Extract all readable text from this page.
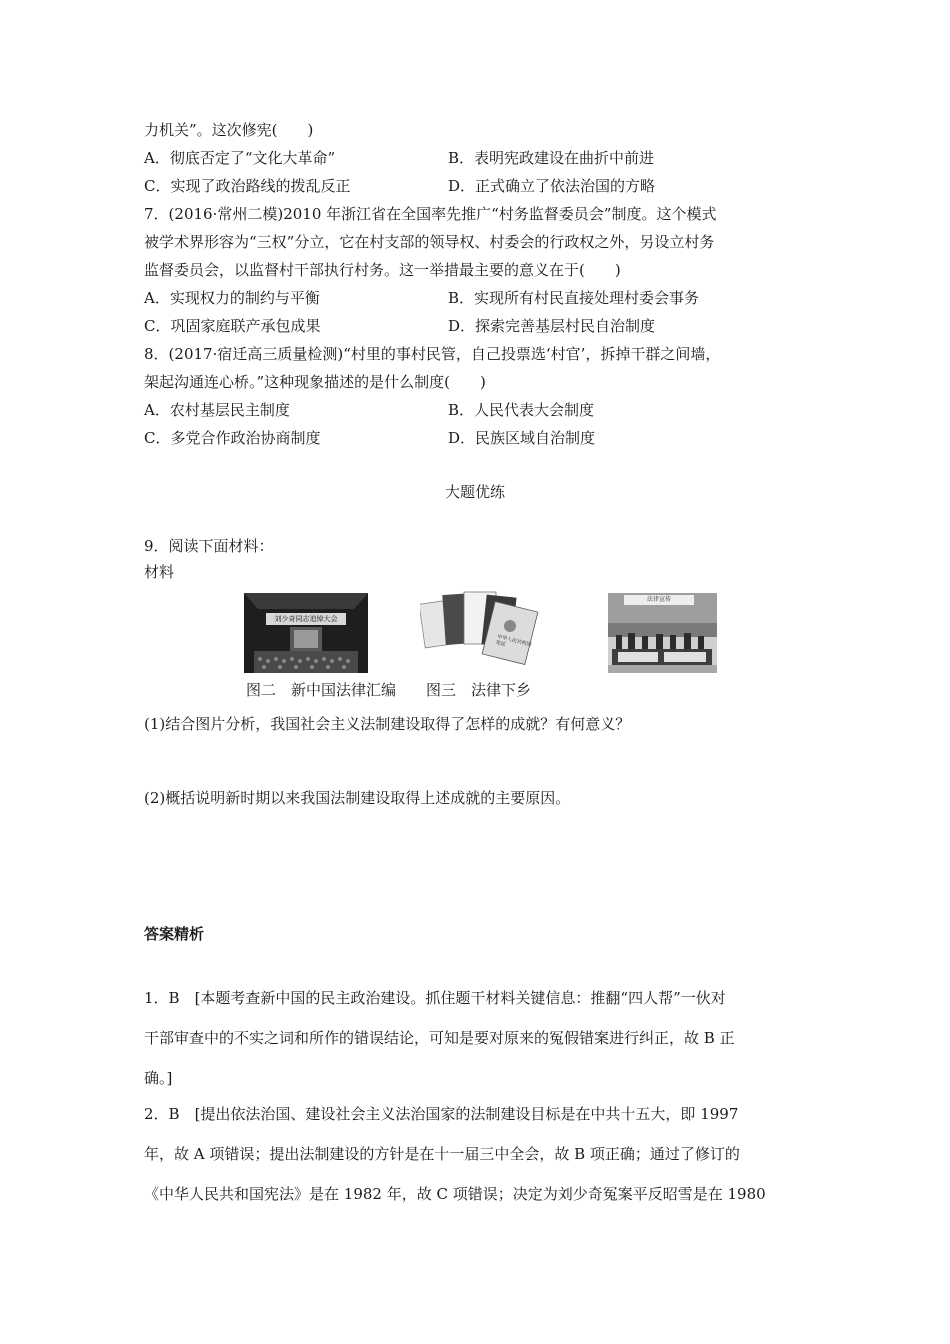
力机关”。这次修宪(　　)
A．彻底否定了“文化大革命”	B．表明宪政建设在曲折中前进
C．实现了政治路线的拨乱反正	D．正式确立了依法治国的方略
7．(2016·常州二模)2010 年浙江省在全国率先推广“村务监督委员会”制度。这个模式
被学术界形容为“三权”分立，它在村支部的领导权、村委会的行政权之外，另设立村务
监督委员会，以监督村干部执行村务。这一举措最主要的意义在于(　　)
A．实现权力的制约与平衡	B．实现所有村民直接处理村委会事务
C．巩固家庭联产承包成果	D．探索完善基层村民自治制度
8．(2017·宿迁高三质量检测)“村里的事村民管，自己投票选‘村官’，拆掉干群之间墙，
架起沟通连心桥。”这种现象描述的是什么制度(　　)
A．农村基层民主制度	B．人民代表大会制度
C．多党合作政治协商制度	D．民族区域自治制度
大题优练
9．阅读下面材料：
材料
刘少奇同志追悼大会
中华人民共和国宪法
法律宣传
图二　新中国法律汇编　　图三　法律下乡
(1)结合图片分析，我国社会主义法制建设取得了怎样的成就？有何意义？
(2)概括说明新时期以来我国法制建设取得上述成就的主要原因。
答案精析
1．B　[本题考查新中国的民主政治建设。抓住题干材料关键信息：推翻“四人帮”一伙对
干部审查中的不实之词和所作的错误结论，可知是要对原来的冤假错案进行纠正，故 B 正
确。]
2．B　[提出依法治国、建设社会主义法治国家的法制建设目标是在中共十五大，即 1997
年，故 A 项错误；提出法制建设的方针是在十一届三中全会，故 B 项正确；通过了修订的
《中华人民共和国宪法》是在 1982 年，故 C 项错误；决定为刘少奇冤案平反昭雪是在 1980
